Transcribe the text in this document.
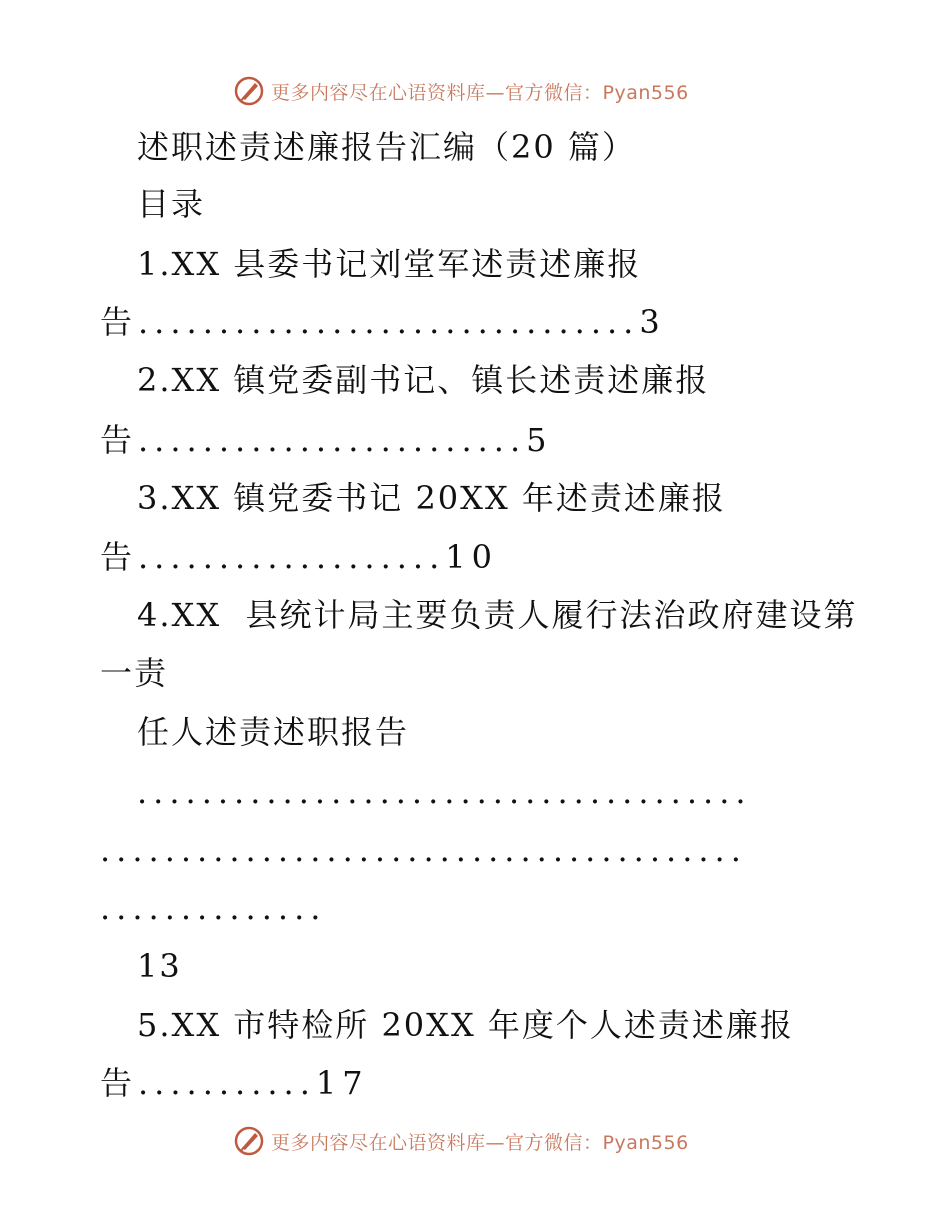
更多内容尽在心语资料库—官方微信：Pyan556
述职述责述廉报告汇编（20 篇）
目录
1.XX 县委书记刘堂军述责述廉报
告...............................3
2.XX 镇党委副书记、镇长述责述廉报
告........................5
3.XX 镇党委书记 20XX 年述责述廉报
告...................10
4.XX  县统计局主要负责人履行法治政府建设第
一责
任人述责述职报告
......................................
........................................
..............
13
5.XX 市特检所 20XX 年度个人述责述廉报
告...........17
更多内容尽在心语资料库—官方微信：Pyan556
